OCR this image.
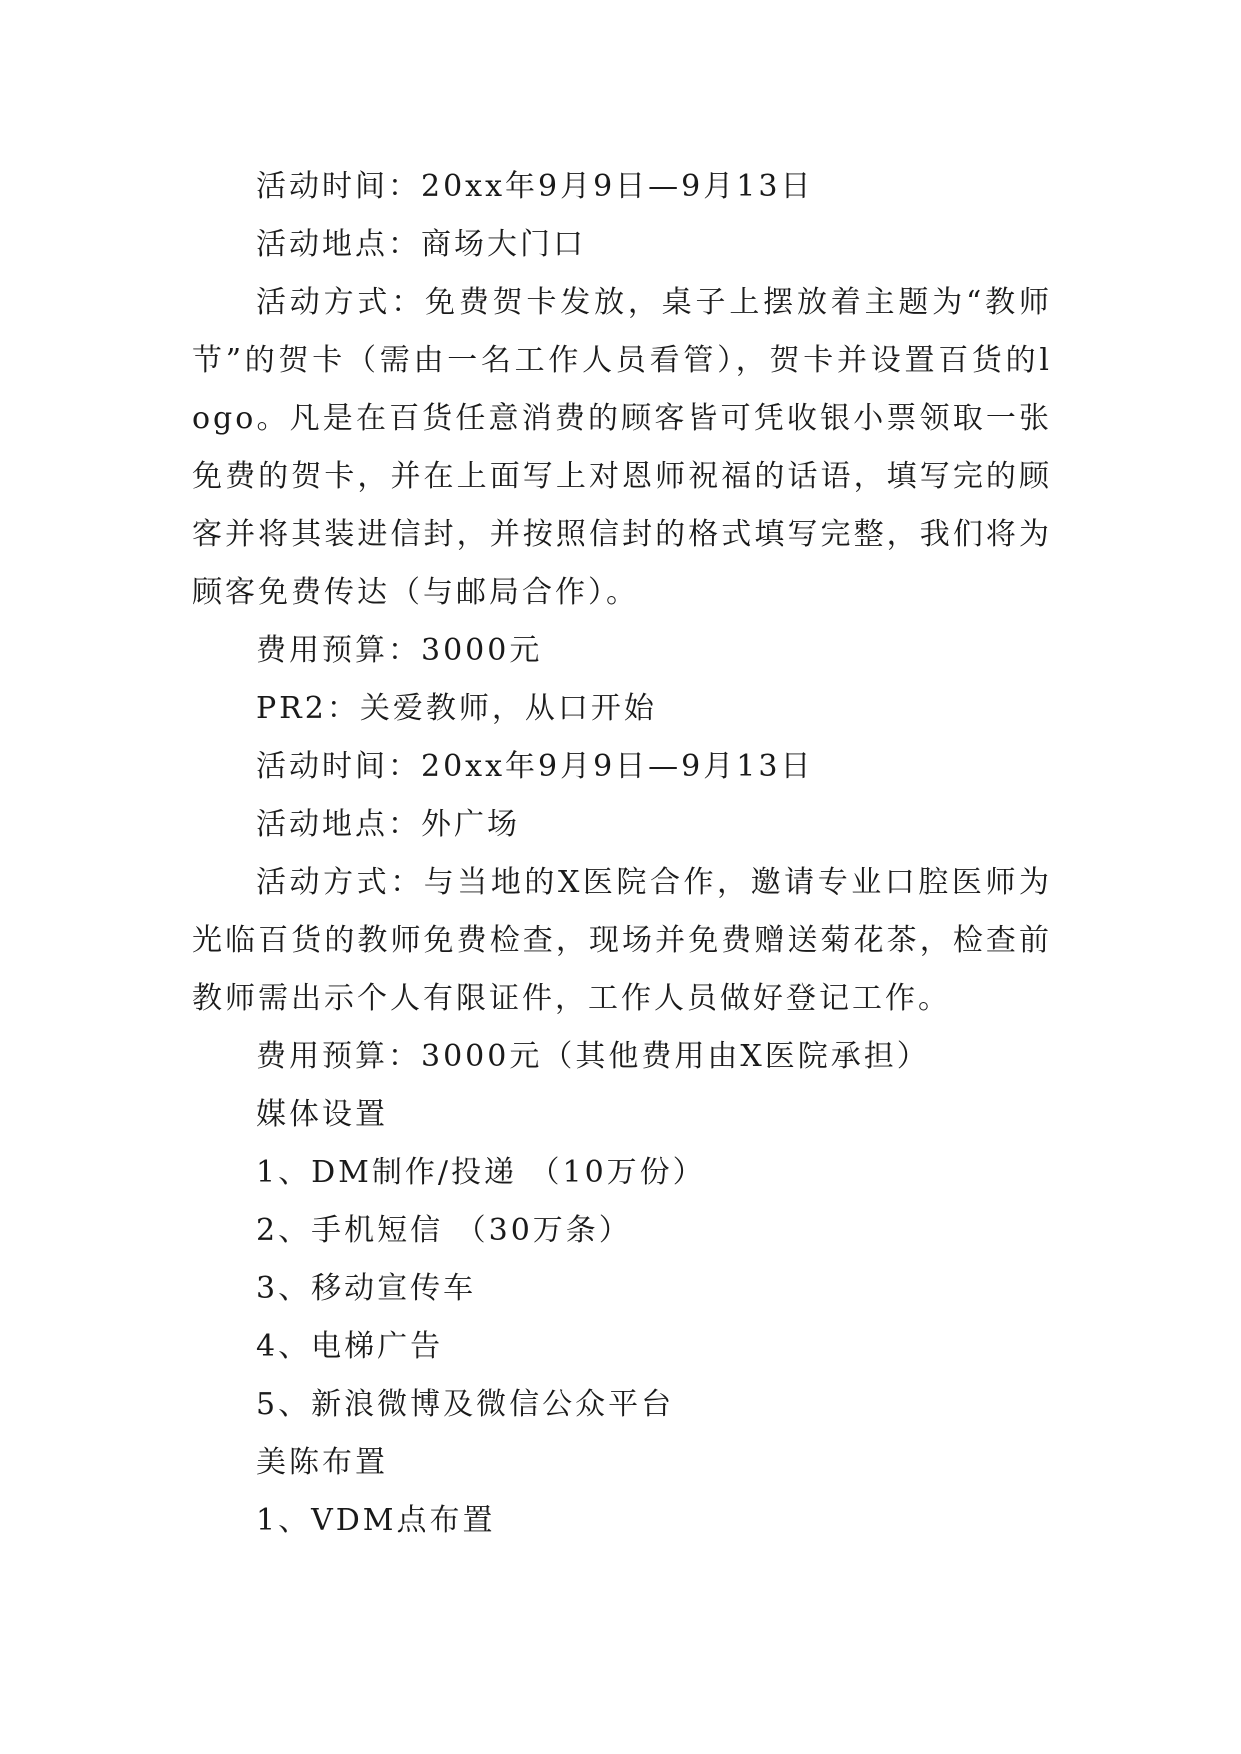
活动时间：20xx年9月9日—9月13日

活动地点：商场大门口

活动方式：免费贺卡发放，桌子上摆放着主题为“教师节”的贺卡（需由一名工作人员看管），贺卡并设置百货的logo。凡是在百货任意消费的顾客皆可凭收银小票领取一张免费的贺卡，并在上面写上对恩师祝福的话语，填写完的顾客并将其装进信封，并按照信封的格式填写完整，我们将为顾客免费传达（与邮局合作）。

费用预算：3000元

PR2：关爱教师，从口开始

活动时间：20xx年9月9日—9月13日

活动地点：外广场

活动方式：与当地的X医院合作，邀请专业口腔医师为光临百货的教师免费检查，现场并免费赠送菊花茶，检查前教师需出示个人有限证件，工作人员做好登记工作。

费用预算：3000元（其他费用由X医院承担）

媒体设置

1、DM制作/投递 （10万份）

2、手机短信 （30万条）

3、移动宣传车

4、电梯广告

5、新浪微博及微信公众平台

美陈布置

1、VDM点布置
